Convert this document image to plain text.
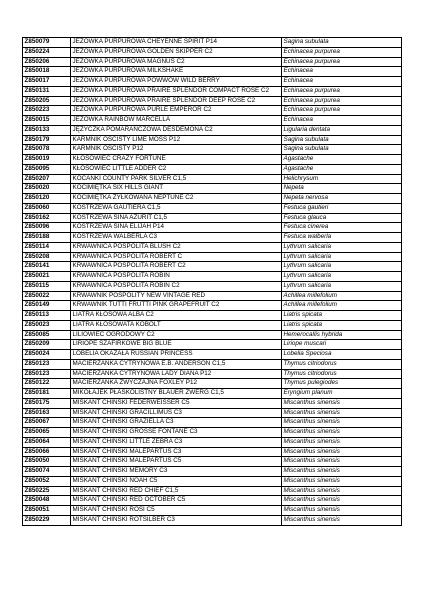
Z850079	JEŻÓWKA PURPUROWA CHEYENNE SPIRIT P14	Sagina subulata
Z850224	JEŻÓWKA PURPUROWA GOLDEN SKIPPER C2	Echinacea purpurea
Z850206	JEŻÓWKA PURPUROWA MAGNUS C2	Echinacea purpurea
Z850018	JEŻÓWKA PURPUROWA MILKSHAKE	Echinacea
Z850017	JEŻÓWKA PURPUROWA POWWOW WILD BERRY	Echinacea
Z850131	JEŻÓWKA PURPUROWA PRAIRE SPLENDOR COMPACT ROSE C2	Echinacea purpurea
Z850205	JEŻÓWKA PURPUROWA PRAIRE SPLENDOR DEEP ROSE C2	Echinacea purpurea
Z850223	JEŻÓWKA PURPUROWA PURLE EMPEROR C2	Echinacea purpurea
Z850015	JEŻÓWKA RAINBOW MARCELLA	Echinacea
Z850133	JĘZYCZKA POMARAŃCZOWA DESDEMONA C2	Ligularia dentata
Z850179	KARMNIK OŚCISTY LIME MOSS P12	Sagina subulata
Z850078	KARMNIK OŚCISTY P12	Sagina subulata
Z850019	KŁOSOWIEC CRAZY FORTUNE	Agastache
Z850095	KŁOSOWIEC LITTLE ADDER C2	Agastache
Z850207	KOCANKI COUNTY PARK SILVER C1,5	Helichrysum
Z850020	KOCIMIĘTKA SIX HILLS GIANT	Nepeta
Z850120	KOCIMIĘTKA ŻYŁKOWANA NEPTUNE C2	Nepeta nervosa
Z850060	KOSTRZEWA GAUTIERA C1,5	Festuca gautieri
Z850162	KOSTRZEWA SINA AZURIT C1,5	Festuca glauca
Z850096	KOSTRZEWA SINA ELIJAH P14	Festuca cinerea
Z850188	KOSTRZEWA WALBERLA C3	Festuca walberla
Z850114	KRWAWNICA POSPOLITA BLUSH C2	Lythrum salicaria
Z850208	KRWAWNICA POSPOLITA ROBERT C	Lythrum salicaria
Z850141	KRWAWNICA POSPOLITA ROBERT C2	Lythrum salicaria
Z850021	KRWAWNICA POSPOLITA ROBIN	Lythrum salicaria
Z850115	KRWAWNICA POSPOLITA ROBIN C2	Lythrum salicaria
Z850022	KRWAWNIK POSPOLITY NEW VINTAGE RED	Achillea millefolium
Z850149	KRWAWNIK TUTTI FRUTTI PINK GRAPEFRUIT C2	Achillea millefolium
Z850113	LIATRA KŁOSOWA ALBA C2	Liatris spicata
Z850023	LIATRA KŁOSOWATA KOBOLT	Liatris spicata
Z850085	LILIOWIEC OGRODOWY C2	Hemerocallis hybrida
Z850209	LIRIOPE SZAFIRKOWE BIG BLUE	Liriope muscari
Z850024	LOBELIA OKAZAŁA RUSSIAN PRINCESS	Lobelia Speciosa
Z850123	MACIERZANKA CYTRYNOWA E.B. ANDERSON C1,5	Thymus citriodorus
Z850123	MACIERZANKA CYTRYNOWA LADY DIANA P12	Thymus citriodorus
Z850122	MACIERZANKA ZWYCZAJNA FOXLEY P12	Thymus pulegiodes
Z850181	MIKOŁAJEK PŁASKOLISTNY BLAUER ZWERG C1,5	Eryngium planum
Z850175	MISKANT CHIŃSKI FEDERWEISSER C5	Miscanthus sinensis
Z850163	MISKANT CHIŃSKI GRACILLIMUS C3	Miscanthus sinensis
Z850067	MISKANT CHIŃSKI GRAZIELLA C3	Miscanthus sinensis
Z850065	MISKANT CHIŃSKI GROSSE FONTANE C3	Miscanthus sinensis
Z850064	MISKANT CHIŃSKI LITTLE ZEBRA C3	Miscanthus sinensis
Z850066	MISKANT CHIŃSKI MALEPARTUS C3	Miscanthus sinensis
Z850050	MISKANT CHIŃSKI MALEPARTUS C5	Miscanthus sinensis
Z850074	MISKANT CHIŃSKI MEMORY C3	Miscanthus sinensis
Z850052	MISKANT CHIŃSKI NOAH C5	Miscanthus sinensis
Z850225	MISKANT CHIŃSKI RED CHIEF C1,5	Miscanthus sinensis
Z850048	MISKANT CHIŃSKI RED OCTOBER C5	Miscanthus sinensis
Z850051	MISKANT CHIŃSKI ROSI C5	Miscanthus sinensis
Z850229	MISKANT CHIŃSKI ROTSILBER C3	Miscanthus sinensis
